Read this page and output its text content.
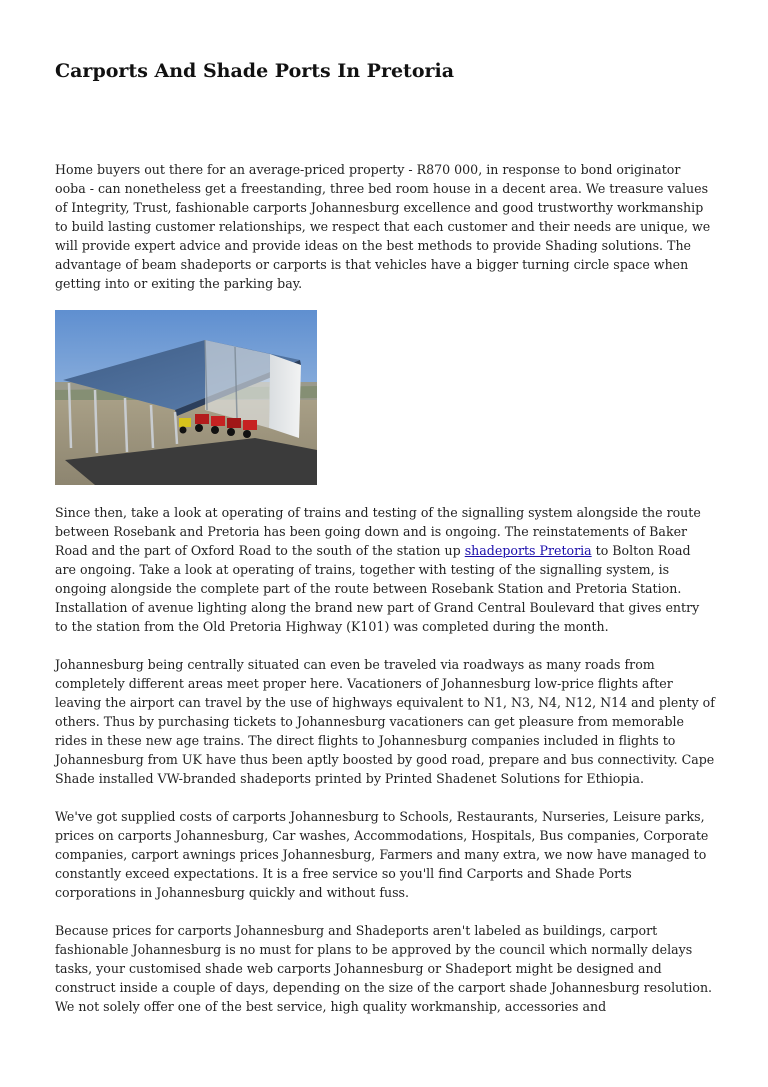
Carports And Shade Ports In Pretoria

Home buyers out there for an average-priced property - R870 000, in response to bond originator ooba - can nonetheless get a freestanding, three bed room house in a decent area. We treasure values of Integrity, Trust, fashionable carports Johannesburg excellence and good trustworthy workmanship to build lasting customer relationships, we respect that each customer and their needs are unique, we will provide expert advice and provide ideas on the best methods to provide Shading solutions. The advantage of beam shadeports or carports is that vehicles have a bigger turning circle space when getting into or exiting the parking bay.

Since then, take a look at operating of trains and testing of the signalling system alongside the route between Rosebank and Pretoria has been going down and is ongoing. The reinstatements of Baker Road and the part of Oxford Road to the south of the station up shadeports Pretoria to Bolton Road are ongoing. Take a look at operating of trains, together with testing of the signalling system, is ongoing alongside the complete part of the route between Rosebank Station and Pretoria Station. Installation of avenue lighting along the brand new part of Grand Central Boulevard that gives entry to the station from the Old Pretoria Highway (K101) was completed during the month.

Johannesburg being centrally situated can even be traveled via roadways as many roads from completely different areas meet proper here. Vacationers of Johannesburg low-price flights after leaving the airport can travel by the use of highways equivalent to N1, N3, N4, N12, N14 and plenty of others. Thus by purchasing tickets to Johannesburg vacationers can get pleasure from memorable rides in these new age trains. The direct flights to Johannesburg companies included in flights to Johannesburg from UK have thus been aptly boosted by good road, prepare and bus connectivity. Cape Shade installed VW-branded shadeports printed by Printed Shadenet Solutions for Ethiopia.

We've got supplied costs of carports Johannesburg to Schools, Restaurants, Nurseries, Leisure parks, prices on carports Johannesburg, Car washes, Accommodations, Hospitals, Bus companies, Corporate companies, carport awnings prices Johannesburg, Farmers and many extra, we now have managed to constantly exceed expectations. It is a free service so you'll find Carports and Shade Ports corporations in Johannesburg quickly and without fuss.

Because prices for carports Johannesburg and Shadeports aren't labeled as buildings, carport fashionable Johannesburg is no must for plans to be approved by the council which normally delays tasks, your customised shade web carports Johannesburg or Shadeport might be designed and construct inside a couple of days, depending on the size of the carport shade Johannesburg resolution. We not solely offer one of the best service, high quality workmanship, accessories and
